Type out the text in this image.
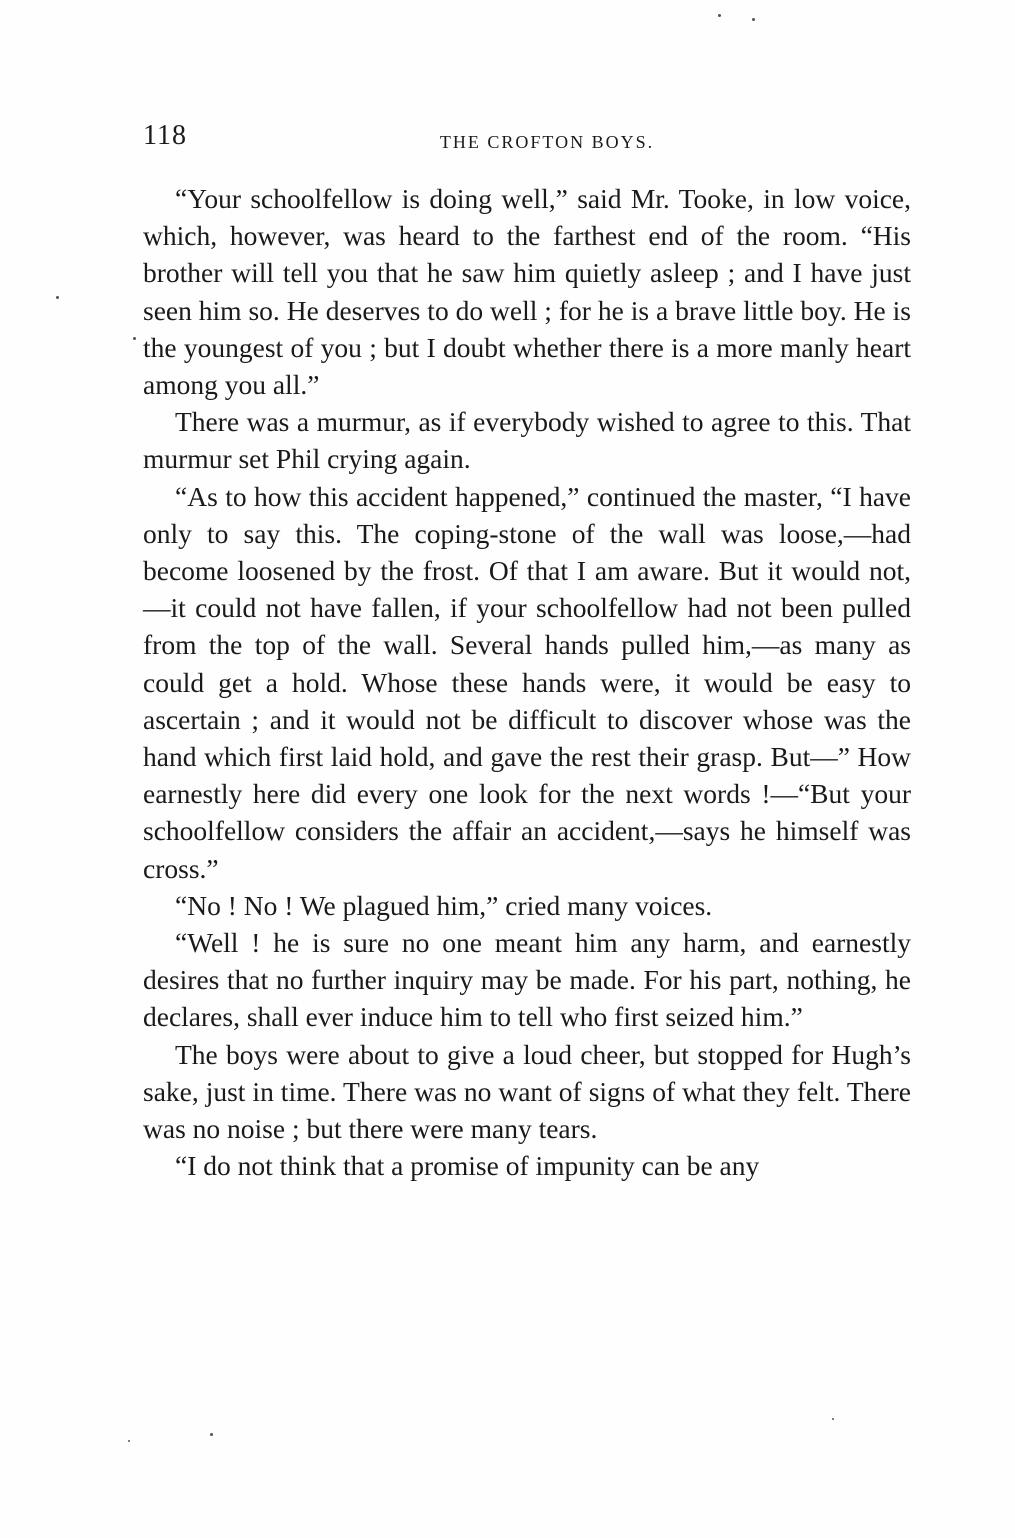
118	THE CROFTON BOYS.

“Your schoolfellow is doing well,” said Mr. Tooke, in low voice, which, however, was heard to the farthest end of the room. “His brother will tell you that he saw him quietly asleep ; and I have just seen him so. He deserves to do well ; for he is a brave little boy. He is the youngest of you ; but I doubt whether there is a more manly heart among you all.”

There was a murmur, as if everybody wished to agree to this. That murmur set Phil crying again.

“As to how this accident happened,” continued the master, “I have only to say this. The coping-stone of the wall was loose,—had become loosened by the frost. Of that I am aware. But it would not,—it could not have fallen, if your schoolfellow had not been pulled from the top of the wall. Several hands pulled him,—as many as could get a hold. Whose these hands were, it would be easy to ascertain ; and it would not be difficult to discover whose was the hand which first laid hold, and gave the rest their grasp. But—” How earnestly here did every one look for the next words !—“But your schoolfellow considers the affair an accident,—says he himself was cross.”

“No ! No ! We plagued him,” cried many voices.

“Well ! he is sure no one meant him any harm, and earnestly desires that no further inquiry may be made. For his part, nothing, he declares, shall ever induce him to tell who first seized him.”

The boys were about to give a loud cheer, but stopped for Hugh’s sake, just in time. There was no want of signs of what they felt. There was no noise ; but there were many tears.

“I do not think that a promise of impunity can be any
